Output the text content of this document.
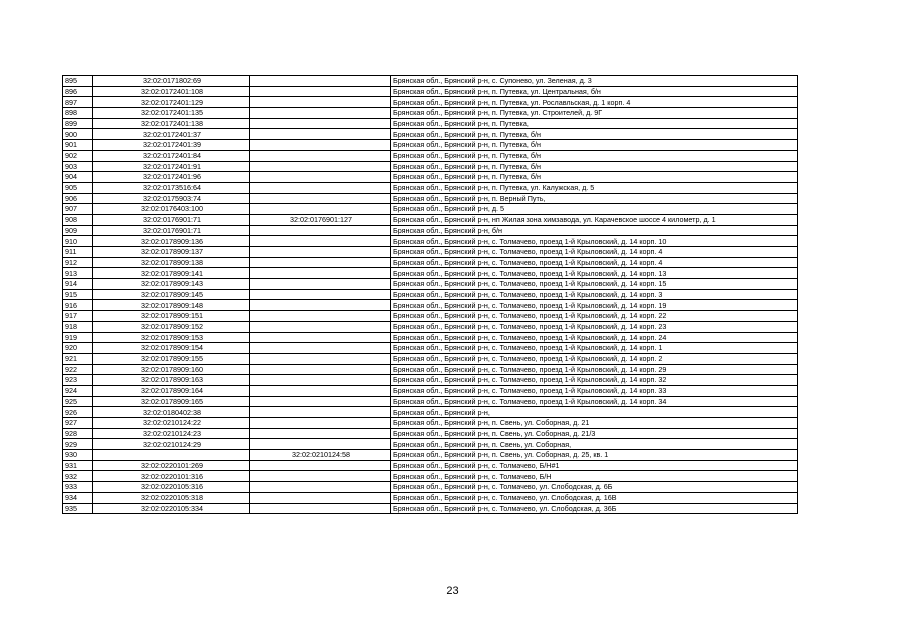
895	32:02:0171802:69		Брянская обл., Брянский р-н, с. Супонево, ул. Зеленая, д. 3
896	32:02:0172401:108		Брянская обл., Брянский р-н, п. Путевка, ул. Центральная, б/н
897	32:02:0172401:129		Брянская обл., Брянский р-н, п. Путевка, ул. Рославльская, д. 1 корп. 4
898	32:02:0172401:135		Брянская обл., Брянский р-н, п. Путевка, ул. Строителей, д. 9Г
899	32:02:0172401:138		Брянская обл., Брянский р-н, п. Путевка,
900	32:02:0172401:37		Брянская обл., Брянский р-н, п. Путевка, б/н
901	32:02:0172401:39		Брянская обл., Брянский р-н, п. Путевка, б/н
902	32:02:0172401:84		Брянская обл., Брянский р-н, п. Путевка, б/н
903	32:02:0172401:91		Брянская обл., Брянский р-н, п. Путевка, б/н
904	32:02:0172401:96		Брянская обл., Брянский р-н, п. Путевка, б/н
905	32:02:0173516:64		Брянская обл., Брянский р-н, п. Путевка, ул. Калужская, д. 5
906	32:02:0175903:74		Брянская обл., Брянский р-н, п. Верный Путь,
907	32:02:0176403:100		Брянская обл., Брянский р-н, д. 5
908	32:02:0176901:71	32:02:0176901:127	Брянская обл., Брянский р-н, нп Жилая зона химзавода, ул. Карачевское шоссе 4 километр, д. 1
909	32:02:0176901:71		Брянская обл., Брянский р-н, б/н
910	32:02:0178909:136		Брянская обл., Брянский р-н, с. Толмачево, проезд 1-й Крыловский, д. 14 корп. 10
911	32:02:0178909:137		Брянская обл., Брянский р-н, с. Толмачево, проезд 1-й Крыловский, д. 14 корп. 4
912	32:02:0178909:138		Брянская обл., Брянский р-н, с. Толмачево, проезд 1-й Крыловский, д. 14 корп. 4
913	32:02:0178909:141		Брянская обл., Брянский р-н, с. Толмачево, проезд 1-й Крыловский, д. 14 корп. 13
914	32:02:0178909:143		Брянская обл., Брянский р-н, с. Толмачево, проезд 1-й Крыловский, д. 14 корп. 15
915	32:02:0178909:145		Брянская обл., Брянский р-н, с. Толмачево, проезд 1-й Крыловский, д. 14 корп. 3
916	32:02:0178909:148		Брянская обл., Брянский р-н, с. Толмачево, проезд 1-й Крыловский, д. 14 корп. 19
917	32:02:0178909:151		Брянская обл., Брянский р-н, с. Толмачево, проезд 1-й Крыловский, д. 14 корп. 22
918	32:02:0178909:152		Брянская обл., Брянский р-н, с. Толмачево, проезд 1-й Крыловский, д. 14 корп. 23
919	32:02:0178909:153		Брянская обл., Брянский р-н, с. Толмачево, проезд 1-й Крыловский, д. 14 корп. 24
920	32:02:0178909:154		Брянская обл., Брянский р-н, с. Толмачево, проезд 1-й Крыловский, д. 14 корп. 1
921	32:02:0178909:155		Брянская обл., Брянский р-н, с. Толмачево, проезд 1-й Крыловский, д. 14 корп. 2
922	32:02:0178909:160		Брянская обл., Брянский р-н, с. Толмачево, проезд 1-й Крыловский, д. 14 корп. 29
923	32:02:0178909:163		Брянская обл., Брянский р-н, с. Толмачево, проезд 1-й Крыловский, д. 14 корп. 32
924	32:02:0178909:164		Брянская обл., Брянский р-н, с. Толмачево, проезд 1-й Крыловский, д. 14 корп. 33
925	32:02:0178909:165		Брянская обл., Брянский р-н, с. Толмачево, проезд 1-й Крыловский, д. 14 корп. 34
926	32:02:0180402:38		Брянская обл., Брянский р-н,
927	32:02:0210124:22		Брянская обл., Брянский р-н, п. Свень, ул. Соборная, д. 21
928	32:02:0210124:23		Брянская обл., Брянский р-н, п. Свень, ул. Соборная, д. 21/3
929	32:02:0210124:29		Брянская обл., Брянский р-н, п. Свень, ул. Соборная,
930		32:02:0210124:58	Брянская обл., Брянский р-н, п. Свень, ул. Соборная, д. 25, кв. 1
931	32:02:0220101:269		Брянская обл., Брянский р-н, с. Толмачево, Б/Н#1
932	32:02:0220101:316		Брянская обл., Брянский р-н, с. Толмачево, Б/Н
933	32:02:0220105:316		Брянская обл., Брянский р-н, с. Толмачево, ул. Слободская, д. 6Б
934	32:02:0220105:318		Брянская обл., Брянский р-н, с. Толмачево, ул. Слободская, д. 16В
935	32:02:0220105:334		Брянская обл., Брянский р-н, с. Толмачево, ул. Слободская, д. 36Б
23
